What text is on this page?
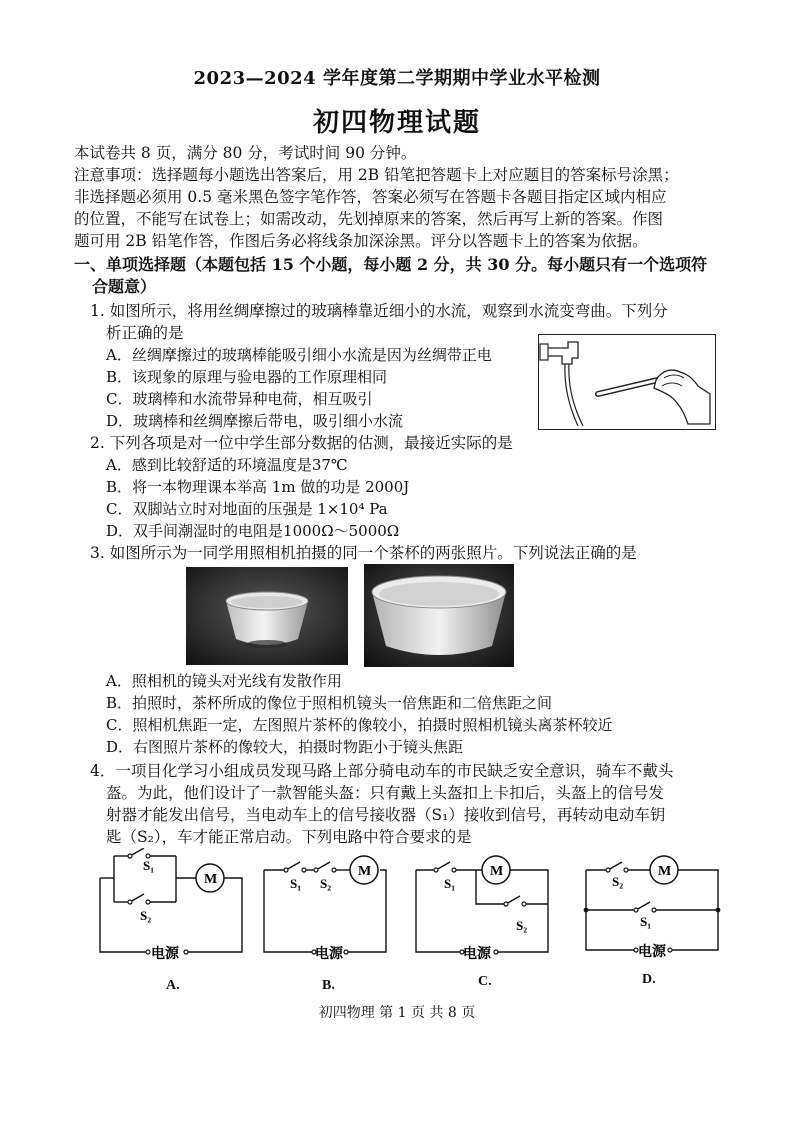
2023—2024 学年度第二学期期中学业水平检测
初四物理试题
本试卷共 8 页，满分 80 分，考试时间 90 分钟。
注意事项：选择题每小题选出答案后，用 2B 铅笔把答题卡上对应题目的答案标号涂黑；
非选择题必须用 0.5 毫米黑色签字笔作答，答案必须写在答题卡各题目指定区域内相应
的位置，不能写在试卷上；如需改动，先划掉原来的答案，然后再写上新的答案。作图
题可用 2B 铅笔作答，作图后务必将线条加深涂黑。评分以答题卡上的答案为依据。
一、单项选择题（本题包括 15 个小题，每小题 2 分，共 30 分。每小题只有一个选项符
合题意）
1. 如图所示，将用丝绸摩擦过的玻璃棒靠近细小的水流，观察到水流变弯曲。下列分
析正确的是
A．丝绸摩擦过的玻璃棒能吸引细小水流是因为丝绸带正电
B．该现象的原理与验电器的工作原理相同
C．玻璃棒和水流带异种电荷，相互吸引
D．玻璃棒和丝绸摩擦后带电，吸引细小水流
2. 下列各项是对一位中学生部分数据的估测，最接近实际的是
A．感到比较舒适的环境温度是37℃
B．将一本物理课本举高 1m 做的功是 2000J
C．双脚站立时对地面的压强是 1×10⁴ Pa
D．双手间潮湿时的电阻是1000Ω～5000Ω
3. 如图所示为一同学用照相机拍摄的同一个茶杯的两张照片。下列说法正确的是
A．照相机的镜头对光线有发散作用
B．拍照时，茶杯所成的像位于照相机镜头一倍焦距和二倍焦距之间
C．照相机焦距一定，左图照片茶杯的像较小，拍摄时照相机镜头离茶杯较近
D．右图照片茶杯的像较大，拍摄时物距小于镜头焦距
4．一项目化学习小组成员发现马路上部分骑电动车的市民缺乏安全意识，骑车不戴头
盔。为此，他们设计了一款智能头盔：只有戴上头盔扣上卡扣后，头盔上的信号发
射器才能发出信号，当电动车上的信号接收器（S₁）接收到信号，再转动电动车钥
匙（S₂），车才能正常启动。下列电路中符合要求的是
M
S₁
S₂
电源
A.
M
S₁ S₂
电源
B.
M
S₁
S₂
电源
C.
M
S₂
S₁
电源
D.
初四物理 第 1 页 共 8 页
